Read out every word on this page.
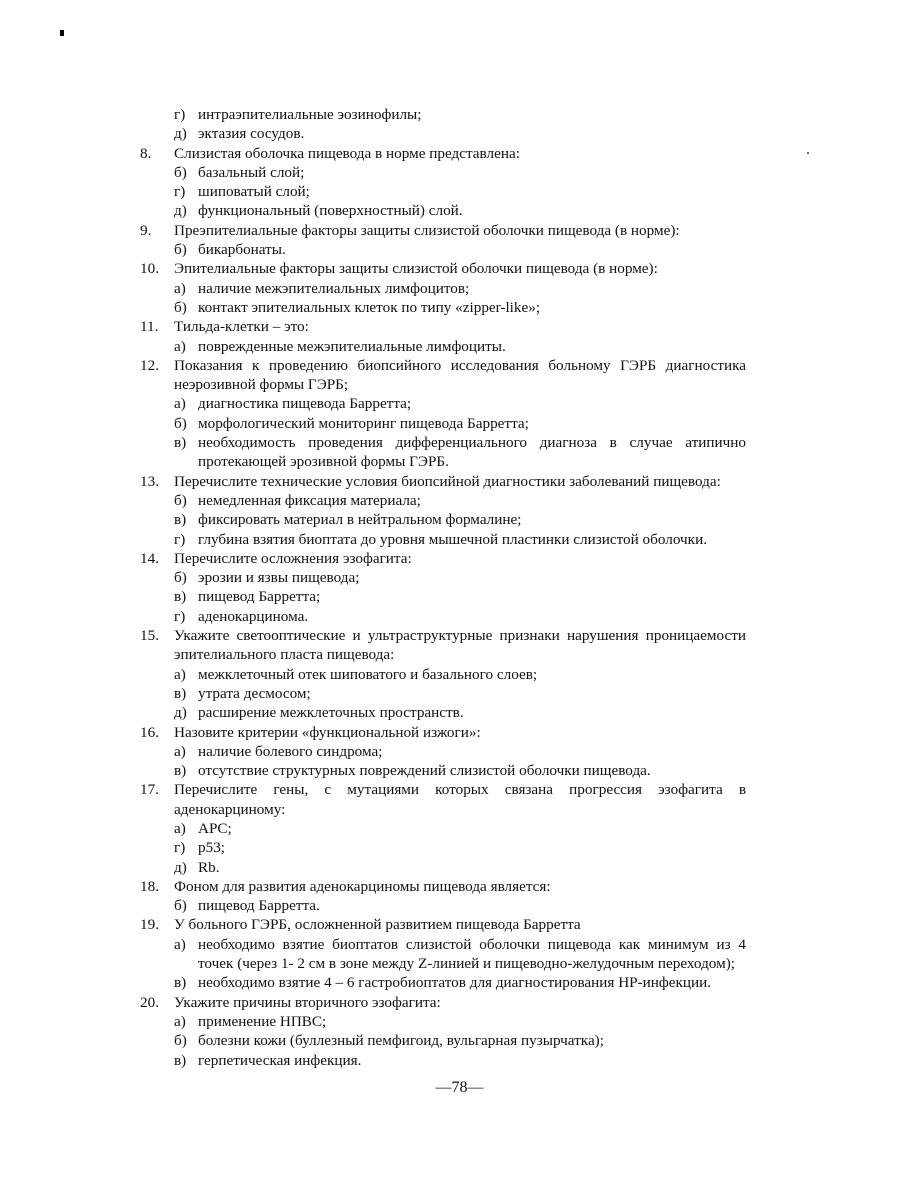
г) интраэпителиальные эозинофилы;
д) эктазия сосудов.
8.	Слизистая оболочка пищевода в норме представлена:
б) базальный слой;
г) шиповатый слой;
д) функциональный (поверхностный) слой.
9.	Преэпителиальные факторы защиты слизистой оболочки пищевода (в норме):
б) бикарбонаты.
10. Эпителиальные факторы защиты слизистой оболочки пищевода (в норме):
а) наличие межэпителиальных лимфоцитов;
б) контакт эпителиальных клеток по типу «zipper-like»;
11.	Тильда-клетки – это:
а) поврежденные межэпителиальные лимфоциты.
12. Показания к проведению биопсийного исследования больному ГЭРБ диагностика неэрозивной формы ГЭРБ;
а) диагностика пищевода Барретта;
б) морфологический мониторинг пищевода Барретта;
в) необходимость проведения дифференциального диагноза в случае атипично протекающей эрозивной формы ГЭРБ.
13. Перечислите технические условия биопсийной диагностики заболеваний пищевода:
б) немедленная фиксация материала;
в) фиксировать материал в нейтральном формалине;
г) глубина взятия биоптата до уровня мышечной пластинки слизистой оболочки.
14. Перечислите осложнения эзофагита:
б) эрозии и язвы пищевода;
в) пищевод Барретта;
г) аденокарцинома.
15. Укажите светооптические и ультраструктурные признаки нарушения проницаемости эпителиального пласта пищевода:
а) межклеточный отек шиповатого и базального слоев;
в) утрата десмосом;
д) расширение межклеточных пространств.
16. Назовите критерии «функциональной изжоги»:
а) наличие болевого синдрома;
в) отсутствие структурных повреждений слизистой оболочки пищевода.
17. Перечислите гены, с мутациями которых связана прогрессия эзофагита в аденокарциному:
а) APC;
г) p53;
д) Rb.
18. Фоном для развития аденокарциномы пищевода является:
б) пищевод Барретта.
19. У больного ГЭРБ, осложненной развитием пищевода Барретта
а) необходимо взятие биоптатов слизистой оболочки пищевода как минимум из 4 точек (через 1- 2 см в зоне между Z-линией и пищеводно-желудочным переходом);
в) необходимо взятие 4 – 6 гастробиоптатов для диагностирования HP-инфекции.
20. Укажите причины вторичного эзофагита:
а) применение НПВС;
б) болезни кожи (буллезный пемфигоид, вульгарная пузырчатка);
в) герпетическая инфекция.
—78—
